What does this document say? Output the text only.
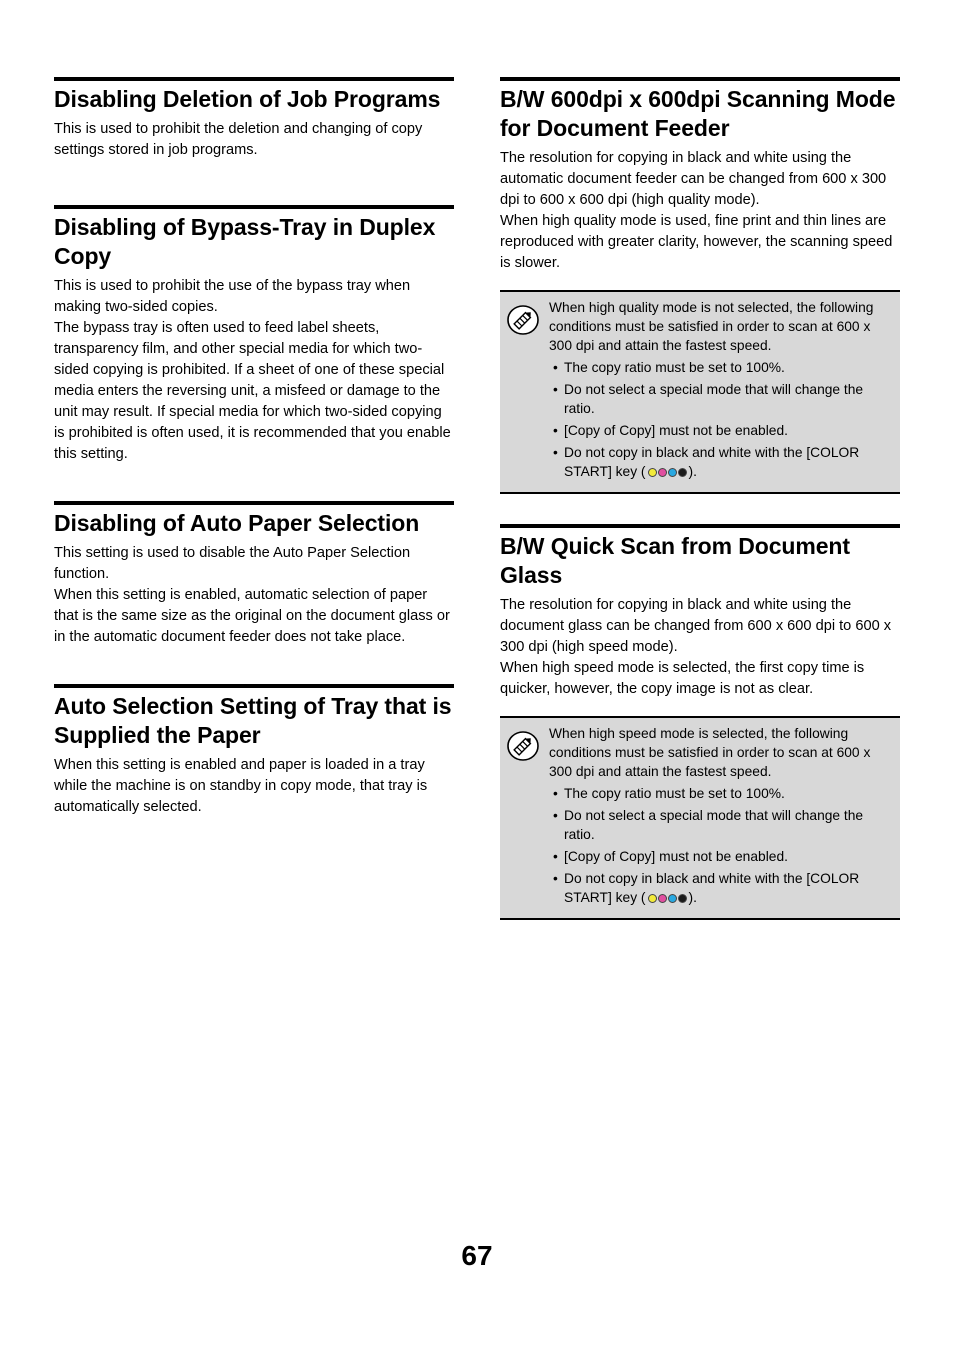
Disabling Deletion of Job Programs

This is used to prohibit the deletion and changing of copy settings stored in job programs.

Disabling of Bypass-Tray in Duplex Copy

This is used to prohibit the use of the bypass tray when making two-sided copies.

The bypass tray is often used to feed label sheets, transparency film, and other special media for which two-sided copying is prohibited. If a sheet of one of these special media enters the reversing unit, a misfeed or damage to the unit may result. If special media for which two-sided copying is prohibited is often used, it is recommended that you enable this setting.

Disabling of Auto Paper Selection

This setting is used to disable the Auto Paper Selection function.

When this setting is enabled, automatic selection of paper that is the same size as the original on the document glass or in the automatic document feeder does not take place.

Auto Selection Setting of Tray that is Supplied the Paper

When this setting is enabled and paper is loaded in a tray while the machine is on standby in copy mode, that tray is automatically selected.

B/W 600dpi x 600dpi Scanning Mode for Document Feeder

The resolution for copying in black and white using the automatic document feeder can be changed from 600 x 300 dpi to 600 x 600 dpi (high quality mode).

When high quality mode is used, fine print and thin lines are reproduced with greater clarity, however, the scanning speed is slower.

When high quality mode is not selected, the following conditions must be satisfied in order to scan at 600 x 300 dpi and attain the fastest speed.

• The copy ratio must be set to 100%.
• Do not select a special mode that will change the ratio.
• [Copy of Copy] must not be enabled.
• Do not copy in black and white with the [COLOR START] key (	).
B/W Quick Scan from Document Glass

The resolution for copying in black and white using the document glass can be changed from 600 x 600 dpi to 600 x 300 dpi (high speed mode).

When high speed mode is selected, the first copy time is quicker, however, the copy image is not as clear.

When high speed mode is selected, the following conditions must be satisfied in order to scan at 600 x 300 dpi and attain the fastest speed.

• The copy ratio must be set to 100%.
• Do not select a special mode that will change the ratio.
• [Copy of Copy] must not be enabled.
• Do not copy in black and white with the [COLOR START] key (	).
67
